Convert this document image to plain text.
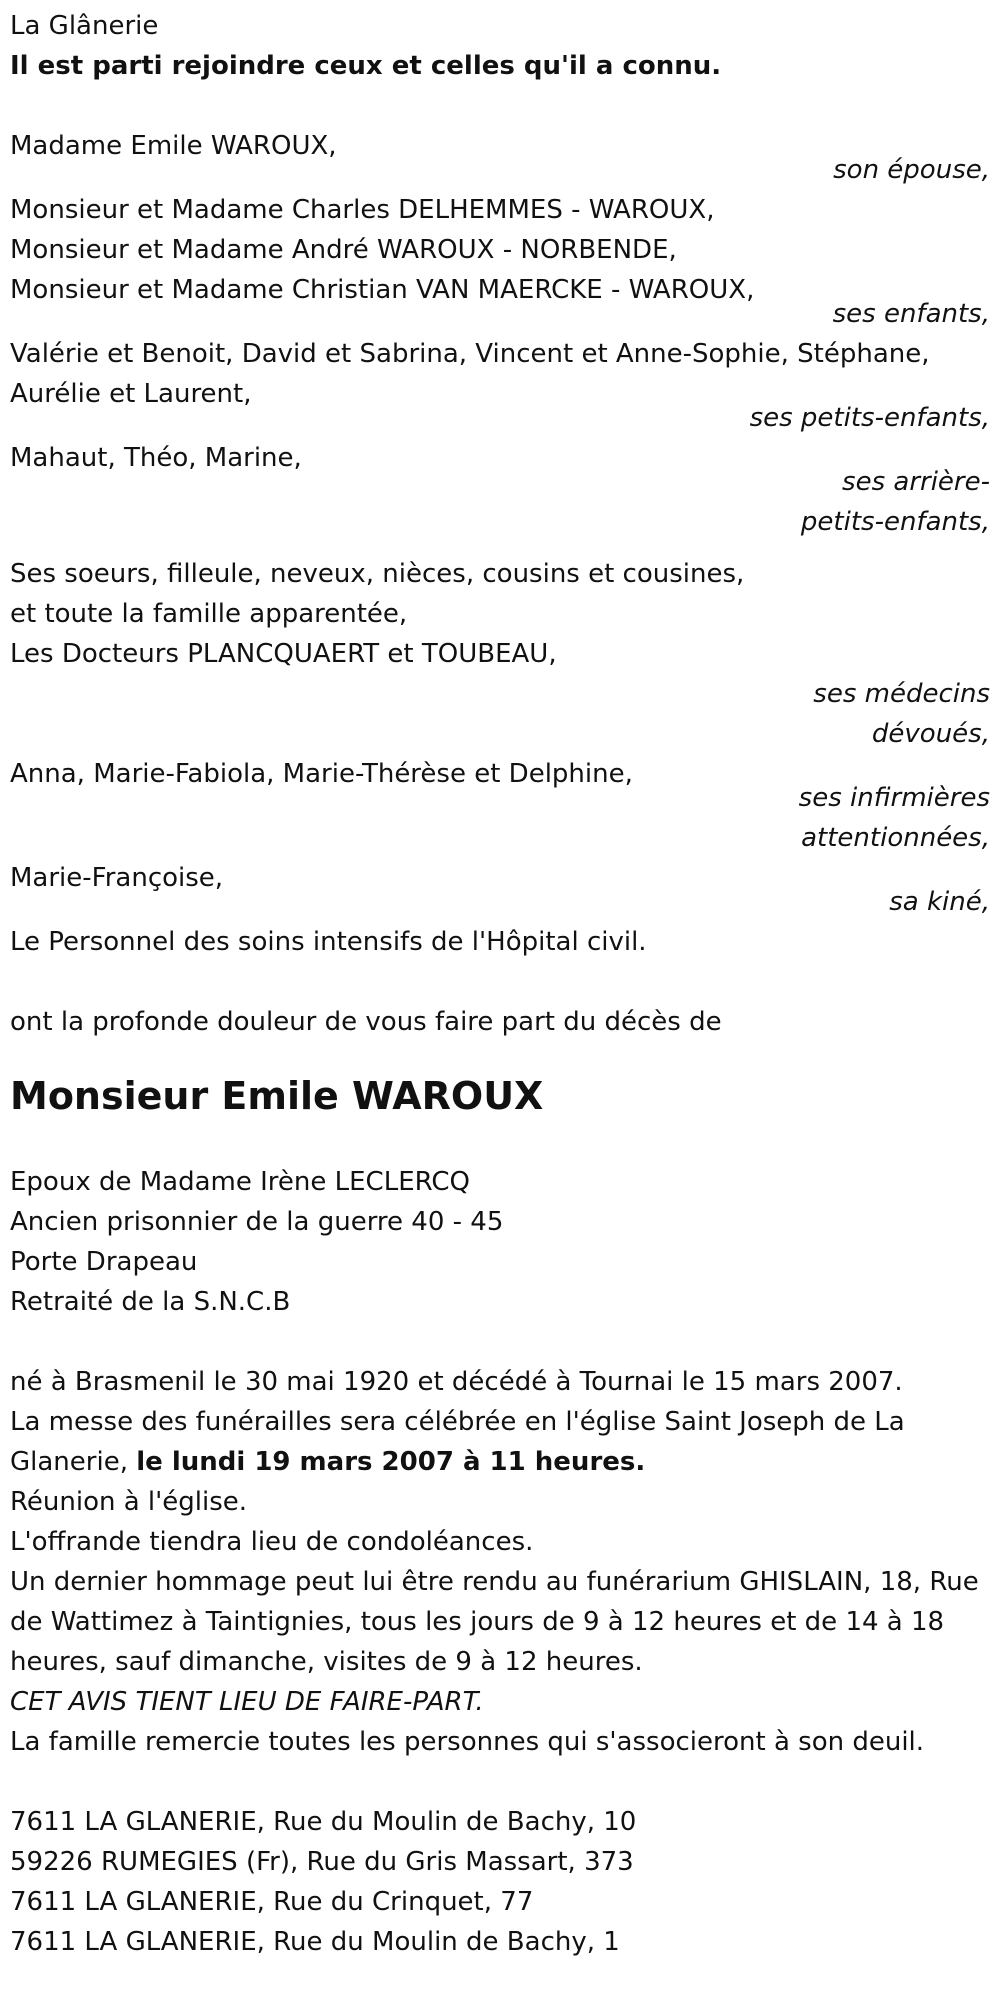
La Glânerie
Il est parti rejoindre ceux et celles qu'il a connu.
Madame Emile WAROUX,
son épouse,
Monsieur et Madame Charles DELHEMMES - WAROUX,
Monsieur et Madame André WAROUX - NORBENDE,
Monsieur et Madame Christian VAN MAERCKE - WAROUX,
ses enfants,
Valérie et Benoit, David et Sabrina, Vincent et Anne-Sophie, Stéphane,
Aurélie et Laurent,
ses petits-enfants,
Mahaut, Théo, Marine,
ses arrière-petits-enfants,
Ses soeurs, filleule, neveux, nièces, cousins et cousines,
et toute la famille apparentée,
Les Docteurs PLANCQUAERT et TOUBEAU,
ses médecins dévoués,
Anna, Marie-Fabiola, Marie-Thérèse et Delphine,
ses infirmières attentionnées,
Marie-Françoise,
sa kiné,
Le Personnel des soins intensifs de l'Hôpital civil.
ont la profonde douleur de vous faire part du décès de
Monsieur Emile WAROUX
Epoux de Madame Irène LECLERCQ
Ancien prisonnier de la guerre 40 - 45
Porte Drapeau
Retraité de la S.N.C.B
né à Brasmenil le 30 mai 1920 et décédé à Tournai le 15 mars 2007.
La messe des funérailles sera célébrée en l'église Saint Joseph de La Glanerie, le lundi 19 mars 2007 à 11 heures.
Réunion à l'église.
L'offrande tiendra lieu de condoléances.
Un dernier hommage peut lui être rendu au funérarium GHISLAIN, 18, Rue de Wattimez à Taintignies, tous les jours de 9 à 12 heures et de 14 à 18 heures, sauf dimanche, visites de 9 à 12 heures.
CET AVIS TIENT LIEU DE FAIRE-PART.
La famille remercie toutes les personnes qui s'associeront à son deuil.
7611 LA GLANERIE, Rue du Moulin de Bachy, 10
59226 RUMEGIES (Fr), Rue du Gris Massart, 373
7611 LA GLANERIE, Rue du Crinquet, 77
7611 LA GLANERIE, Rue du Moulin de Bachy, 1
